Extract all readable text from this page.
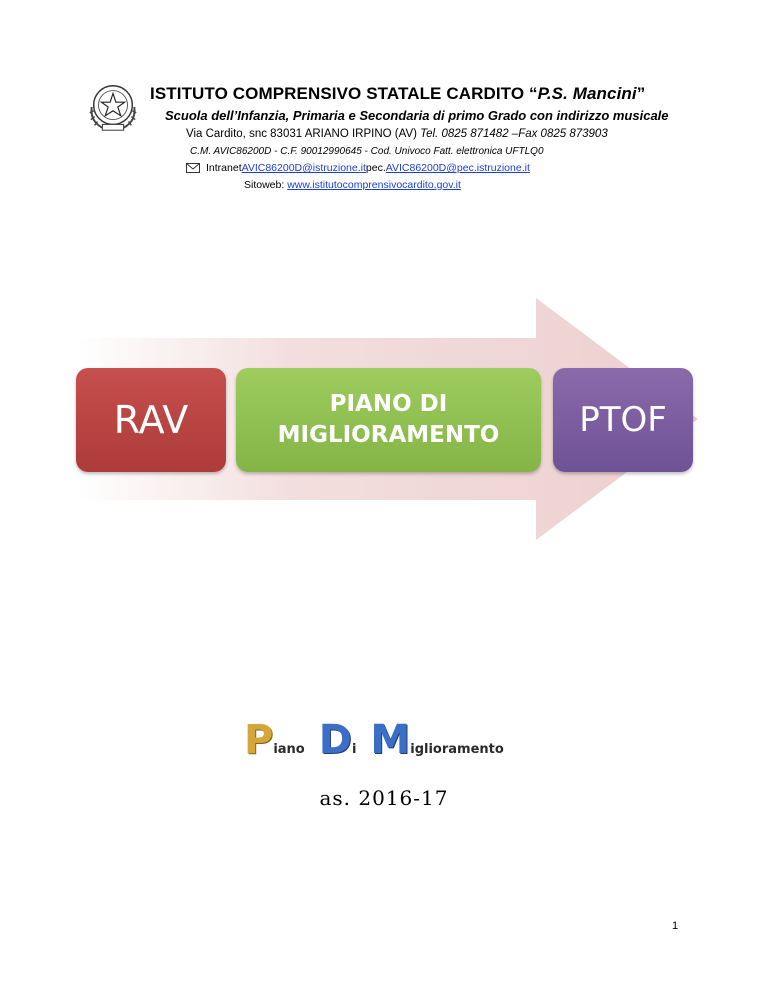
ISTITUTO COMPRENSIVO STATALE CARDITO “P.S. Mancini”
Scuola dell’Infanzia, Primaria e Secondaria di primo Grado con indirizzo musicale
Via Cardito, snc 83031 ARIANO IRPINO (AV) Tel. 0825 871482 –Fax 0825 873903
C.M. AVIC86200D - C.F. 90012990645 - Cod. Univoco Fatt. elettronica UFTLQ0
Intranet AVIC86200D@istruzione.it pec. AVIC86200D@pec.istruzione.it
Sitoweb: www.istitutocomprensivocardito.gov.it
RAV	PIANO DI
MIGLIORAMENTO PTOF
P iano D i M iglioramento
as. 2016-17
1
